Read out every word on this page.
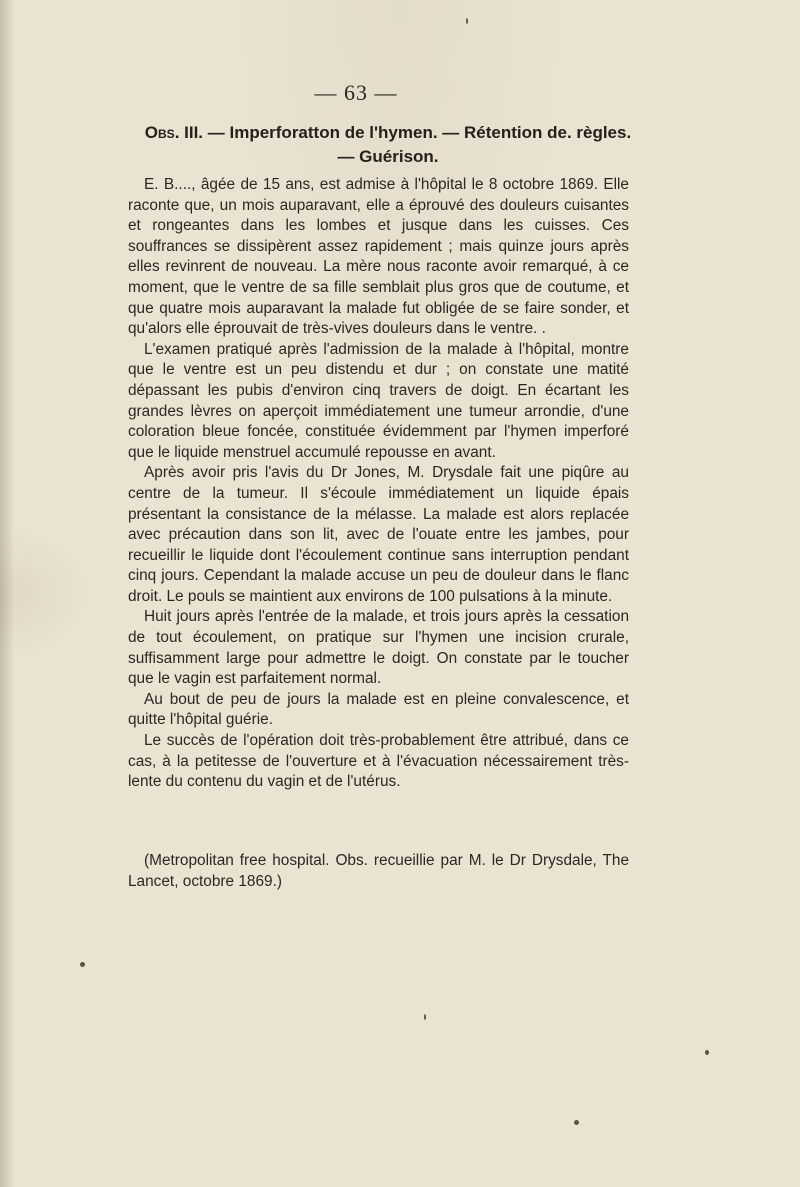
— 63 —
Obs. III. — Imperforatton de l'hymen. — Rétention de. règles.
— Guérison.

E. B...., âgée de 15 ans, est admise à l'hôpital le 8 octobre 1869. Elle raconte que, un mois auparavant, elle a éprouvé des douleurs cuisantes et rongeantes dans les lombes et jusque dans les cuisses. Ces souffrances se dissipèrent assez rapidement ; mais quinze jours après elles revinrent de nouveau. La mère nous raconte avoir remarqué, à ce moment, que le ventre de sa fille semblait plus gros que de coutume, et que quatre mois auparavant la malade fut obligée de se faire sonder, et qu'alors elle éprouvait de très-vives douleurs dans le ventre. .

L'examen pratiqué après l'admission de la malade à l'hôpital, montre que le ventre est un peu distendu et dur ; on constate une matité dépassant les pubis d'environ cinq travers de doigt. En écartant les grandes lèvres on aperçoit immédiatement une tumeur arrondie, d'une coloration bleue foncée, constituée évidemment par l'hymen imperforé que le liquide menstruel accumulé repousse en avant.

Après avoir pris l'avis du Dr Jones, M. Drysdale fait une piqûre au centre de la tumeur. Il s'écoule immédiatement un liquide épais présentant la consistance de la mélasse. La malade est alors replacée avec précaution dans son lit, avec de l'ouate entre les jambes, pour recueillir le liquide dont l'écoulement continue sans interruption pendant cinq jours. Cependant la malade accuse un peu de douleur dans le flanc droit. Le pouls se maintient aux environs de 100 pulsations à la minute.

Huit jours après l'entrée de la malade, et trois jours après la cessation de tout écoulement, on pratique sur l'hymen une incision crurale, suffisamment large pour admettre le doigt. On constate par le toucher que le vagin est parfaitement normal.

Au bout de peu de jours la malade est en pleine convalescence, et quitte l'hôpital guérie.

Le succès de l'opération doit très-probablement être attribué, dans ce cas, à la petitesse de l'ouverture et à l'évacuation nécessairement très-lente du contenu du vagin et de l'utérus.

(Metropolitan free hospital. Obs. recueillie par M. le Dr Drysdale, The Lancet, octobre 1869.)
